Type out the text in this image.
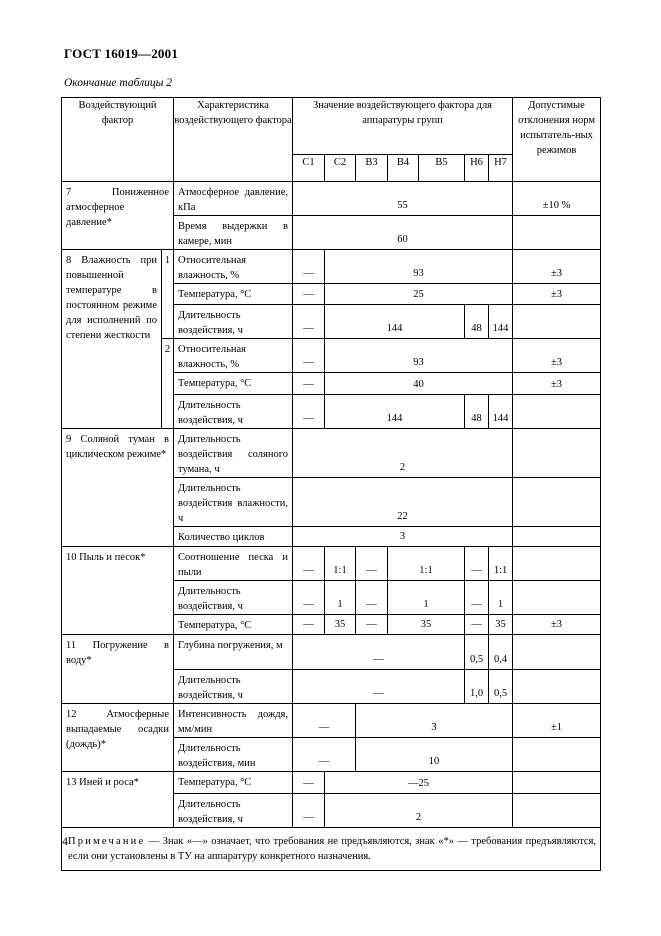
ГОСТ 16019—2001
Окончание таблицы 2
Воздействующий фактор		Характеристика воздействующего фактора	Значение воздействующего фактора для аппаратуры групп							Допустимые отклонения норм испытатель-ных режимов
			С1	С2	В3	В4	В5	Н6	Н7	
7 Пониженное атмосферное давление*		Атмосферное давление, кПа	55							±10 %
		Время выдержки в камере, мин	60							
8 Влажность при повышенной температуре в постоянном режиме для исполнений по степени жесткости	1	Относительная влажность, %	—	93						±3
		Температура, °С	—	25						±3
		Длительность воздействия, ч	—	144				48	144	
	2	Относительная влажность, %	—	93						±3
		Температура, °С	—	40						±3
		Длительность воздействия, ч	—	144				48	144	
9 Соляной туман в циклическом режиме*		Длительность воздействия соляного тумана, ч	2							
		Длительность воздействия влажности, ч	22							
		Количество циклов	3							
10 Пыль и песок*		Соотношение песка и пыли	—	1:1	—	1:1		—	1:1	
		Длительность воздействия, ч	—	1	—	1		—	1	
		Температура, °С	—	35	—	35		—	35	±3
11 Погружение в воду*		Глубина погружения, м	—					0,5	0,4	
		Длительность воздействия, ч	—					1,0	0,5	
12 Атмосферные выпадаемые осадки (дождь)*		Интенсивность дождя, мм/мин	—		3					±1
		Длительность воздействия, мин	—		10					
13 Иней и роса*		Температура, °С	—	—25						
		Длительность воздействия, ч	—	2						
Примечание — Знак «—» означает, что требования не предъявляются, знак «*» — требования предъявляются, если они установлены в ТУ на аппаратуру конкретного назначения.										
4
